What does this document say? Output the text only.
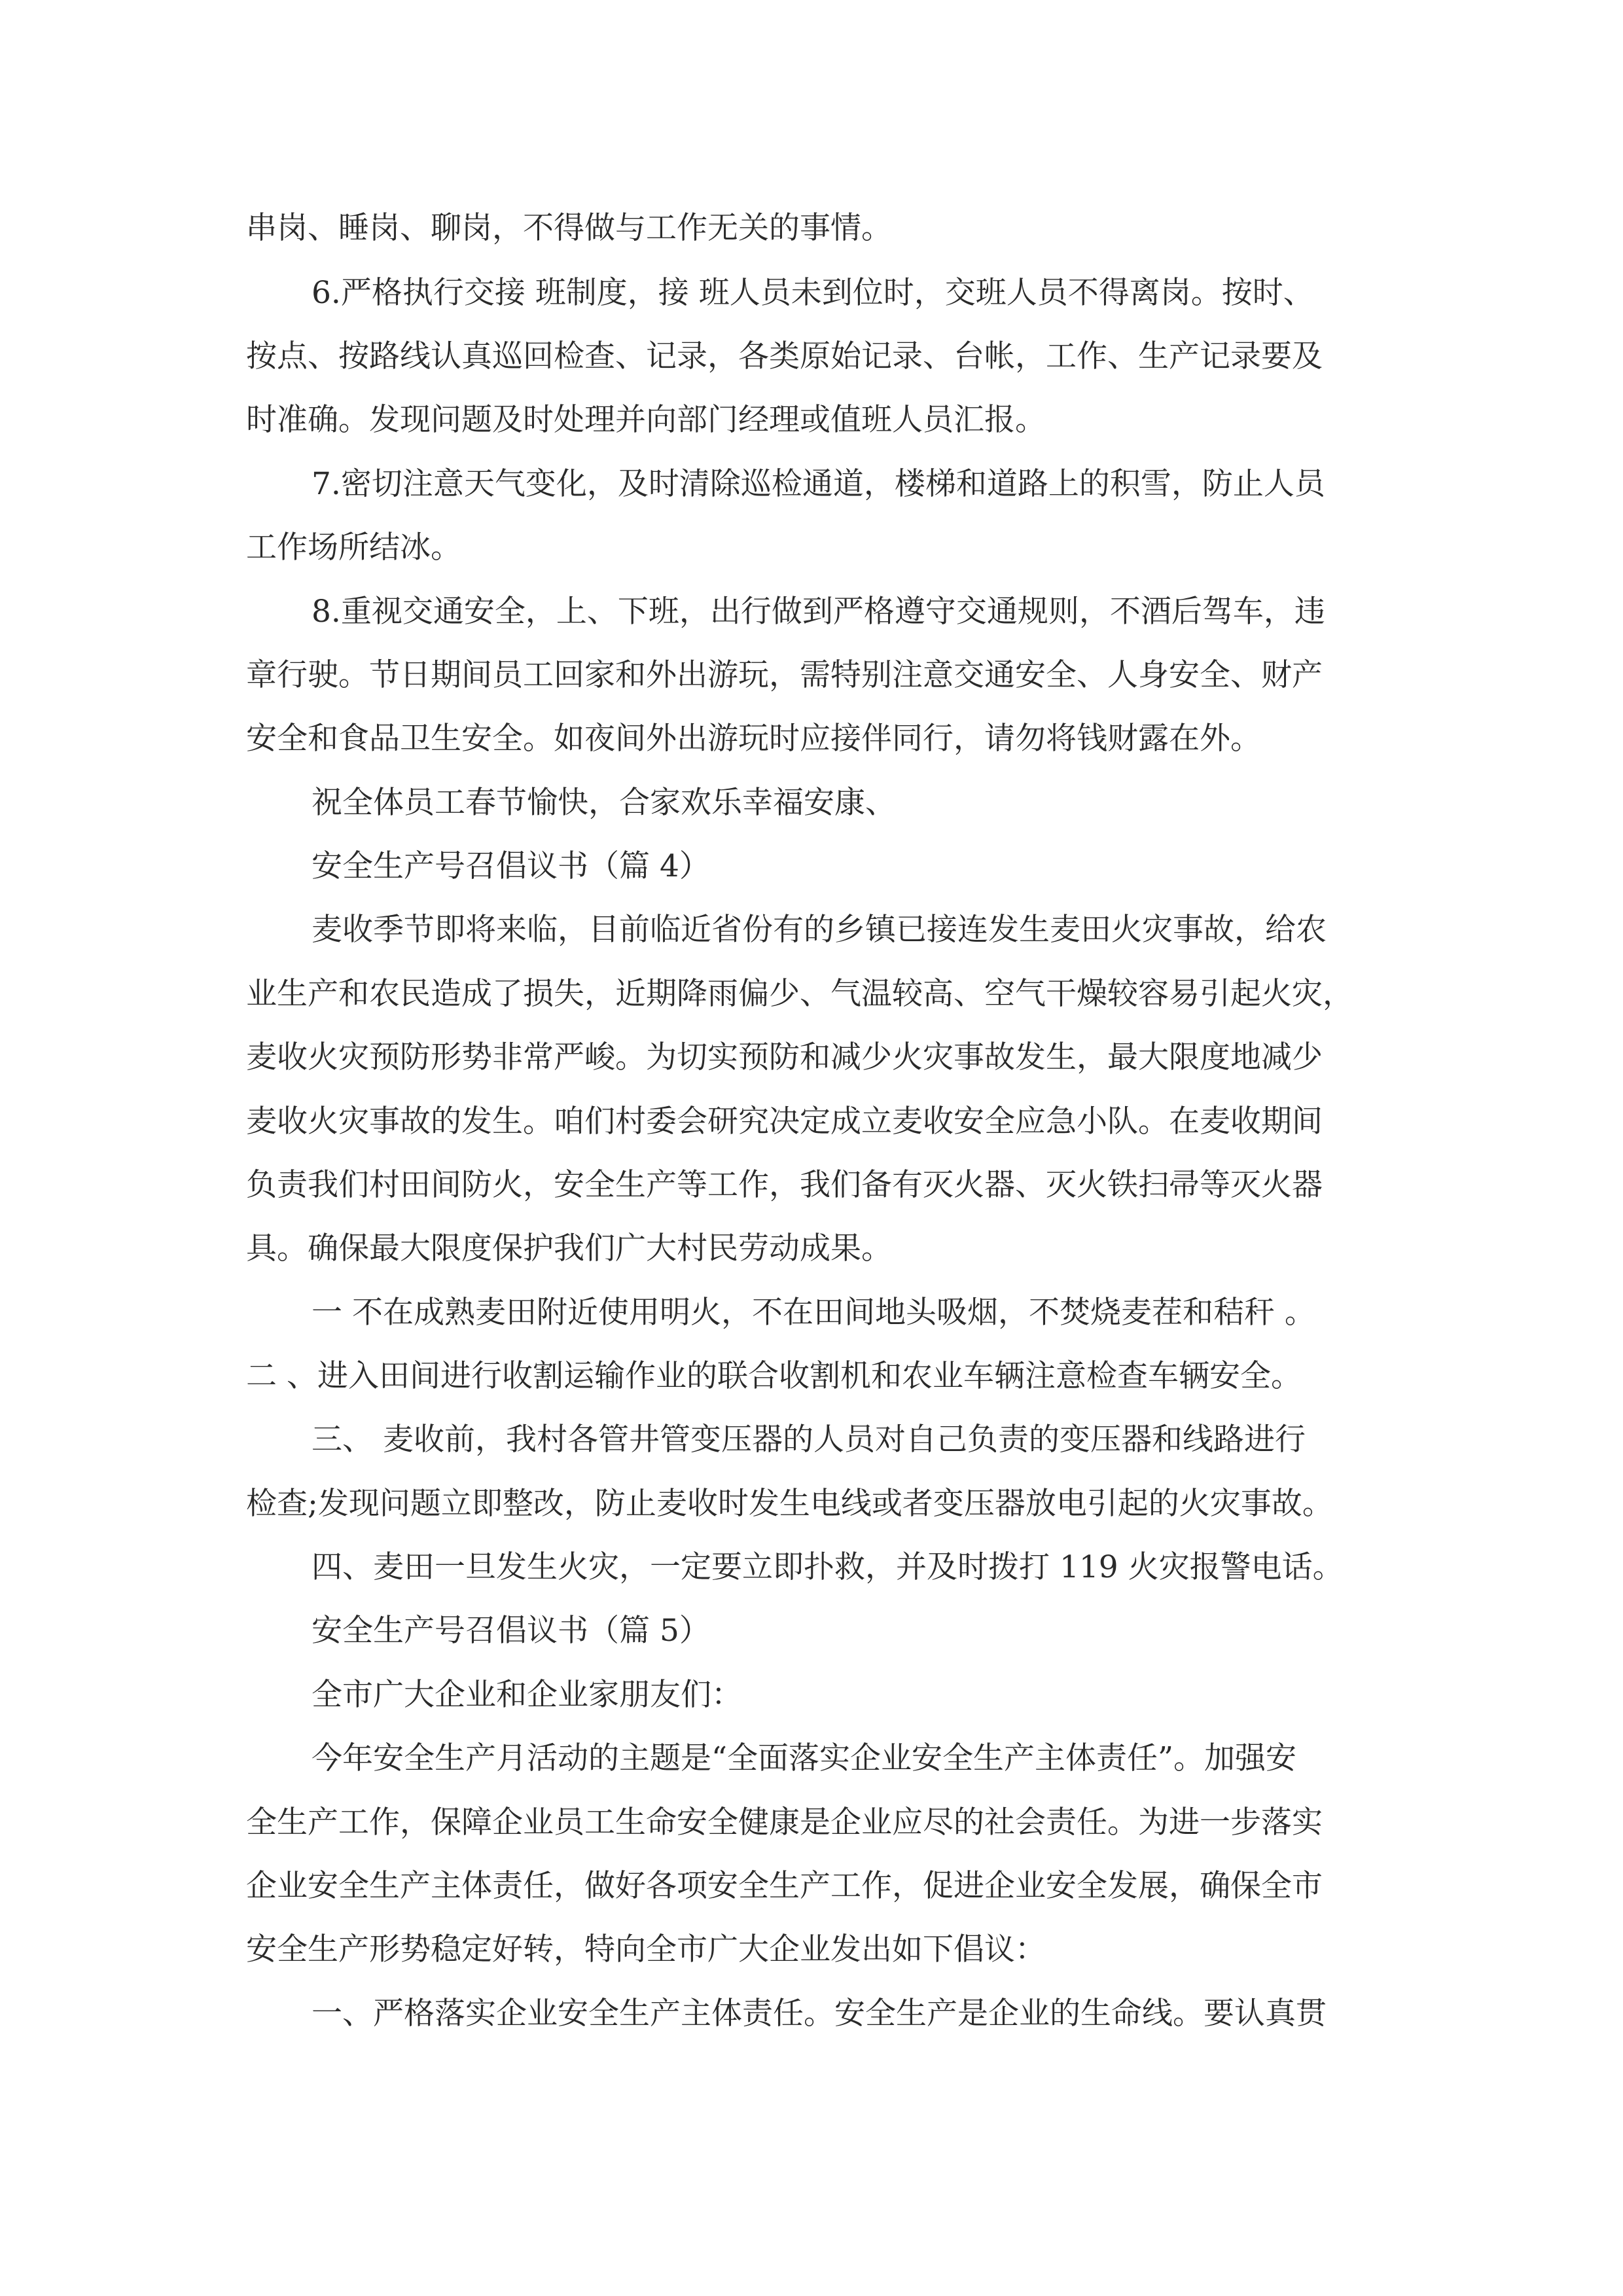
串岗、睡岗、聊岗，不得做与工作无关的事情。
6.严格执行交接 班制度，接 班人员未到位时，交班人员不得离岗。按时、
按点、按路线认真巡回检查、记录，各类原始记录、台帐，工作、生产记录要及
时准确。发现问题及时处理并向部门经理或值班人员汇报。
7.密切注意天气变化，及时清除巡检通道，楼梯和道路上的积雪，防止人员
工作场所结冰。
8.重视交通安全，上、下班，出行做到严格遵守交通规则，不酒后驾车，违
章行驶。节日期间员工回家和外出游玩，需特别注意交通安全、人身安全、财产
安全和食品卫生安全。如夜间外出游玩时应接伴同行，请勿将钱财露在外。
祝全体员工春节愉快，合家欢乐幸福安康、
安全生产号召倡议书（篇 4）
麦收季节即将来临，目前临近省份有的乡镇已接连发生麦田火灾事故，给农
业生产和农民造成了损失，近期降雨偏少、气温较高、空气干燥较容易引起火灾，
麦收火灾预防形势非常严峻。为切实预防和减少火灾事故发生，最大限度地减少
麦收火灾事故的发生。咱们村委会研究决定成立麦收安全应急小队。在麦收期间
负责我们村田间防火，安全生产等工作，我们备有灭火器、灭火铁扫帚等灭火器
具。确保最大限度保护我们广大村民劳动成果。
一 不在成熟麦田附近使用明火，不在田间地头吸烟，不焚烧麦茬和秸秆 。
二 、进入田间进行收割运输作业的联合收割机和农业车辆注意检查车辆安全。
三、 麦收前，我村各管井管变压器的人员对自己负责的变压器和线路进行
检查;发现问题立即整改，防止麦收时发生电线或者变压器放电引起的火灾事故。
四、麦田一旦发生火灾，一定要立即扑救，并及时拨打 119 火灾报警电话。
安全生产号召倡议书（篇 5）
全市广大企业和企业家朋友们：
今年安全生产月活动的主题是“全面落实企业安全生产主体责任”。加强安
全生产工作，保障企业员工生命安全健康是企业应尽的社会责任。为进一步落实
企业安全生产主体责任，做好各项安全生产工作，促进企业安全发展，确保全市
安全生产形势稳定好转，特向全市广大企业发出如下倡议：
一、严格落实企业安全生产主体责任。安全生产是企业的生命线。要认真贯
